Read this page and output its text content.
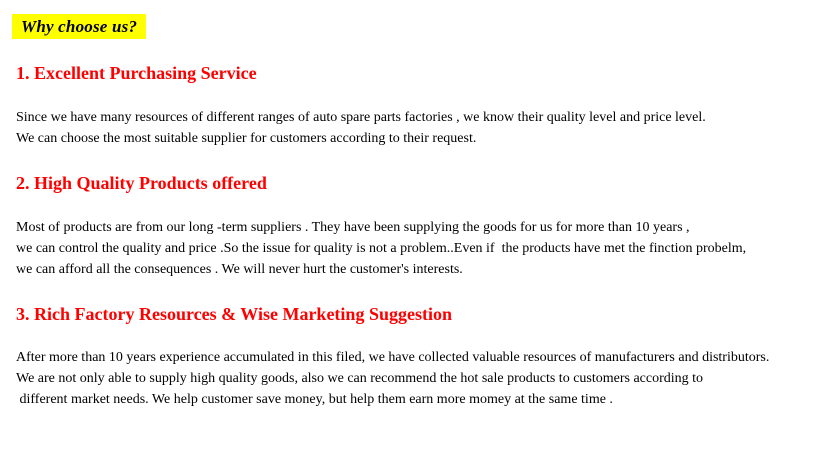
Why choose us?
1. Excellent Purchasing Service

Since we have many resources of different ranges of auto spare parts factories , we know their quality level and price level.
We can choose the most suitable supplier for customers according to their request.

2. High Quality Products offered

Most of products are from our long -term suppliers . They have been supplying the goods for us for more than 10 years ,
we can control the quality and price .So the issue for quality is not a problem..Even if  the products have met the finction probelm,
we can afford all the consequences . We will never hurt the customer's interests.

3. Rich Factory Resources & Wise Marketing Suggestion

After more than 10 years experience accumulated in this filed, we have collected valuable resources of manufacturers and distributors.
We are not only able to supply high quality goods, also we can recommend the hot sale products to customers according to
different market needs. We help customer save money, but help them earn more momey at the same time .
